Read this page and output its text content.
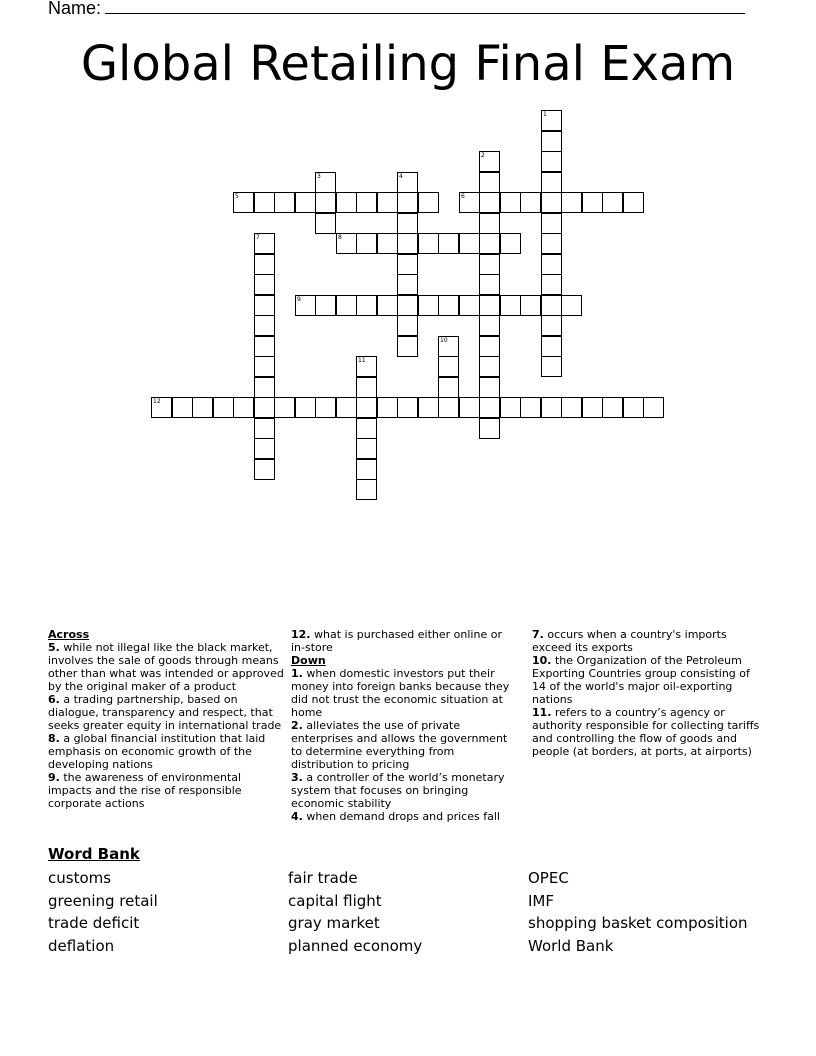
Name:
Global Retailing Final Exam
1
2
3	4
5	6
7	8
9
10
11
12
Across
5. while not illegal like the black market, involves the sale of goods through means other than what was intended or approved by the original maker of a product
6. a trading partnership, based on dialogue, transparency and respect, that seeks greater equity in international trade
8. a global financial institution that laid emphasis on economic growth of the developing nations
9. the awareness of environmental impacts and the rise of responsible corporate actions
12. what is purchased either online or in-store
Down
1. when domestic investors put their money into foreign banks because they did not trust the economic situation at home
2. alleviates the use of private enterprises and allows the government to determine everything from distribution to pricing
3. a controller of the world’s monetary system that focuses on bringing economic stability
4. when demand drops and prices fall
7. occurs when a country's imports exceed its exports
10. the Organization of the Petroleum Exporting Countries group consisting of 14 of the world's major oil-exporting nations
11. refers to a country’s agency or authority responsible for collecting tariffs and controlling the flow of goods and people (at borders, at ports, at airports)
Word Bank
customs
greening retail
trade deficit
deflation
fair trade
capital flight
gray market
planned economy
OPEC
IMF
shopping basket composition
World Bank
